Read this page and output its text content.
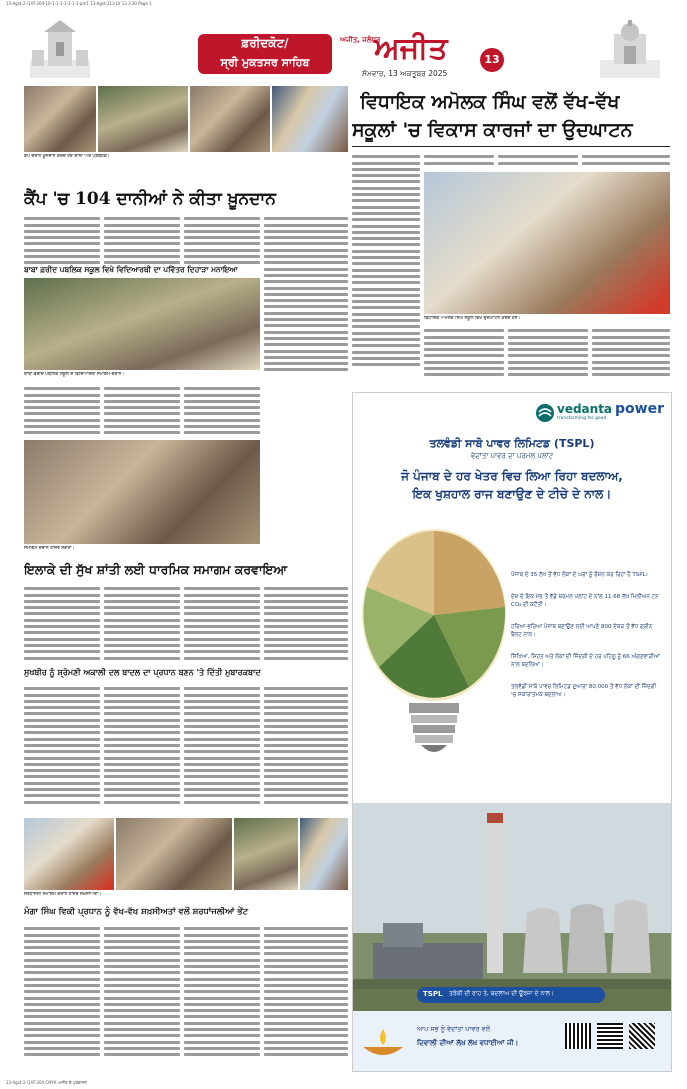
13-Agst-2-i1AT-304-10-1-1-1-1-2-1-1-pm1 13-Agst-213 LV 13 3.30 Page 1
13-Agst-2-i1AT-304 CMYK ਅਜੀਤ ਦੇ ਪ੍ਰਕਾਸ਼ਨ
ਫ਼ਰੀਦਕੋਟ/
ਸ੍ਰੀ ਮੁਕਤਸਰ ਸਾਹਿਬ
ਅਜੀਤ, ਜਲੰਧਰ
ਅਜੀਤ
ਸੋਮਵਾਰ, 13 ਅਕਤੂਬਰ 2025
13
ਕੈਂਪ ਦੌਰਾਨ ਖ਼ੂਨਦਾਨ ਕਰਦੇ ਹੋਏ ਦਾਨੀ ਅਤੇ ਪ੍ਰਬੰਧਕ।
ਵਿਧਾਇਕ ਅਮੋਲਕ ਸਿੰਘ ਵਲੋਂ ਵੱਖ-ਵੱਖ
ਸਕੂਲਾਂ 'ਚ ਵਿਕਾਸ ਕਾਰਜਾਂ ਦਾ ਉਦਘਾਟਨ
ਕੈਂਪ 'ਚ 104 ਦਾਨੀਆਂ ਨੇ ਕੀਤਾ ਖ਼ੂਨਦਾਨ
ਬਾਬਾ ਫ਼ਰੀਦ ਪਬਲਿਕ ਸਕੂਲ ਵਿਖੇ ਵਿਦਿਆਰਥੀ ਦਾ ਪਵਿੱਤਰ ਦਿਹਾੜਾ ਮਨਾਇਆ
ਬਾਬਾ ਫ਼ਰੀਦ ਪਬਲਿਕ ਸਕੂਲ ਦੇ ਵਿਦਿਆਰਥੀ ਸਮਾਗਮ ਦੌਰਾਨ।
ਸਮਾਗਮ ਦੌਰਾਨ ਹਾਜ਼ਰ ਸੰਗਤਾਂ।
ਇਲਾਕੇ ਦੀ ਸੁੱਖ ਸ਼ਾਂਤੀ ਲਈ ਧਾਰਮਿਕ ਸਮਾਗਮ ਕਰਵਾਇਆ
ਸੁਖਬੀਰ ਨੂੰ ਸ਼੍ਰੋਮਣੀ ਅਕਾਲੀ ਦਲ ਬਾਦਲ ਦਾ ਪ੍ਰਧਾਨ ਬਣਨ 'ਤੇ ਦਿੱਤੀ ਮੁਬਾਰਕਬਾਦ
ਸ਼ਰਧਾਂਜਲੀ ਸਮਾਗਮ ਦੌਰਾਨ ਹਾਜ਼ਰ ਸ਼ਖ਼ਸੀਅਤਾਂ।
ਮੰਗਾ ਸਿੰਘ ਵਿਕੀ ਪ੍ਰਧਾਨ ਨੂੰ ਵੱਖ-ਵੱਖ ਸ਼ਖ਼ਸੀਅਤਾਂ ਵਲੋਂ ਸ਼ਰਧਾਂਜਲੀਆਂ ਭੇਂਟ
ਵਿਧਾਇਕ ਅਮੋਲਕ ਸਿੰਘ ਸਕੂਲ ਵਿਖੇ ਉਦਘਾਟਨ ਕਰਦੇ ਹੋਏ।
vedanta
transforming for good
power
ਤਲਵੰਡੀ ਸਾਬੋ ਪਾਵਰ ਲਿਮਿਟਡ (TSPL)
ਵੇਦਾਂਤਾ ਪਾਵਰ ਦਾ ਪਰਮਲ ਪਲਾਂਟ
ਜੋ ਪੰਜਾਬ ਦੇ ਹਰ ਖੇਤਰ ਵਿਚ ਲਿਆ ਰਿਹਾ ਬਦਲਾਅ,
ਇਕ ਖੁਸ਼ਹਾਲ ਰਾਜ ਬਣਾਉਣ ਦੇ ਟੀਚੇ ਦੇ ਨਾਲ।
ਪੰਜਾਬ ਦੇ 35 ਲੱਖ ਤੋਂ ਵੱਧ ਲੋਕਾਂ ਦੇ ਘਰਾਂ ਨੂੰ ਰੌਸ਼ਨ ਕਰ ਰਿਹਾ ਹੈ TSPL।
ਦੇਸ਼ ਦੇ ਇਕ ਸਭ ਤੋਂ ਵੱਡੇ ਥਰਮਲ ਪਲਾਂਟ ਦੇ ਨਾਲ 11.68 ਲੱਖ ਮਿਲੀਅਨ ਟਨ CO₂ ਦੀ ਕਟੌਤੀ।
ਹਰਿਆ-ਭਰਿਆ ਪੰਜਾਬ ਬਣਾਉਣ ਲਈ ਆਪਣੇ 800 ਏਕੜ ਤੋਂ ਵੱਧ ਗ੍ਰੀਨ ਬੈਲਟ ਨਾਲ।
ਸਿੱਖਿਆ, ਸਿਹਤ ਅਤੇ ਲੋਕਾਂ ਦੀ ਜ਼ਿੰਦਗੀ ਦੇ ਹਰ ਪਹਿਲੂ ਨੂੰ 66 ਅੰਗਣਵਾੜੀਆਂ ਨਾਲ ਬਦਲਿਆ।
ਤਲਵੰਡੀ ਸਾਬੋ ਪਾਵਰ ਲਿਮਿਟਡ ਦੁਆਰਾ 80,000 ਤੋਂ ਵੱਧ ਲੋਕਾਂ ਦੀ ਜ਼ਿੰਦਗੀ 'ਚ ਸਕਾਰਾਤਮਕ ਬਦਲਾਅ।
TSPL ਤਰੱਕੀ ਦੀ ਰਾਹ ਤੇ, ਬਦਲਾਅ ਦੀ ਊਰਜਾ ਦੇ ਨਾਲ।
ਆਪ ਸਭ ਨੂੰ ਵੇਦਾਂਤਾ ਪਾਵਰ ਵਲੋਂ
ਦਿਵਾਲੀ ਦੀਆਂ ਲੱਖ ਲੱਖ ਵਧਾਈਆਂ ਜੀ।
